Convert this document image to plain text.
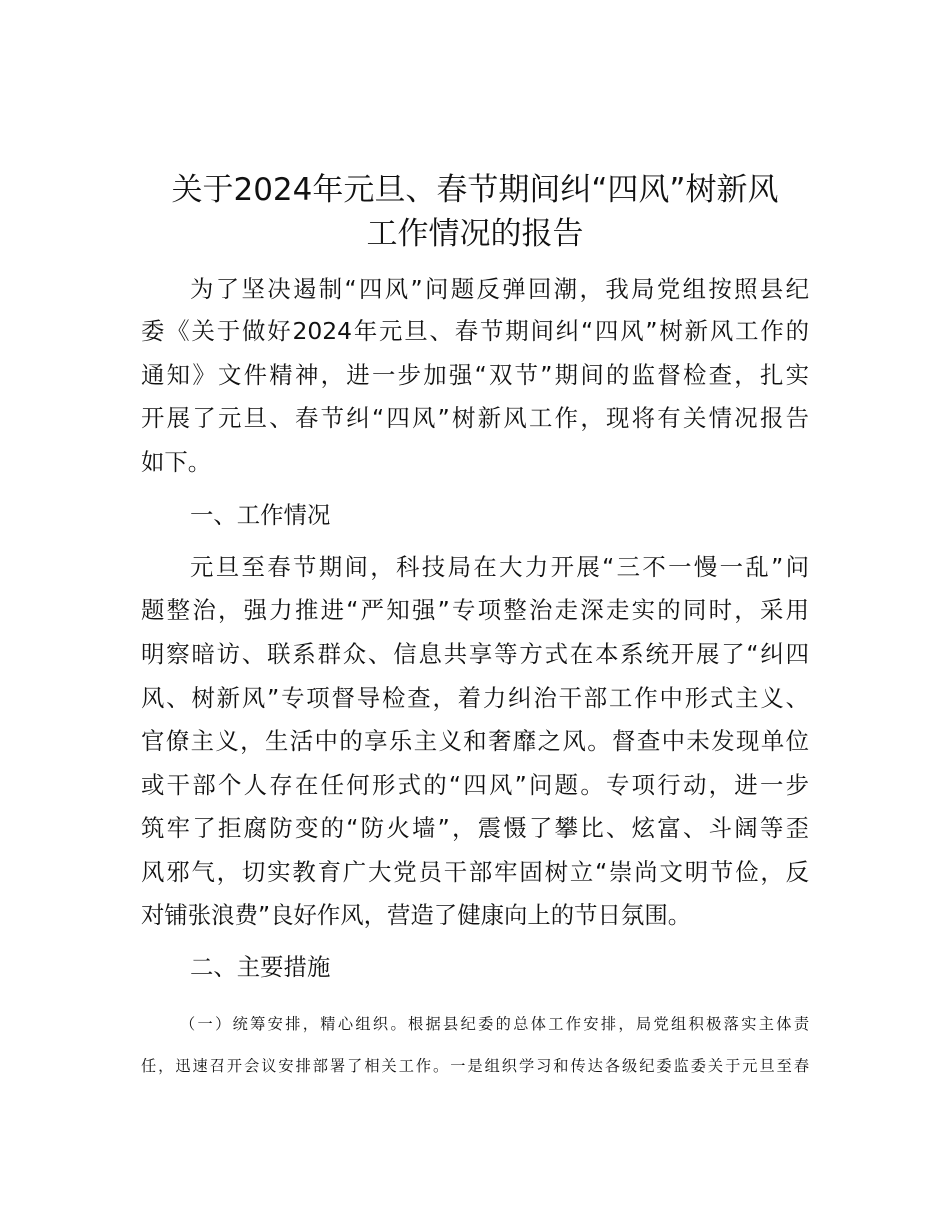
关于2024年元旦、春节期间纠“四风”树新风
工作情况的报告
为了坚决遏制“四风”问题反弹回潮，我局党组按照县纪
委《关于做好2024年元旦、春节期间纠“四风”树新风工作的
通知》文件精神，进一步加强“双节”期间的监督检查，扎实
开展了元旦、春节纠“四风”树新风工作，现将有关情况报告
如下。
一、工作情况
元旦至春节期间，科技局在大力开展“三不一慢一乱”问
题整治，强力推进“严知强”专项整治走深走实的同时，采用
明察暗访、联系群众、信息共享等方式在本系统开展了“纠四
风、树新风”专项督导检查，着力纠治干部工作中形式主义、
官僚主义，生活中的享乐主义和奢靡之风。督查中未发现单位
或干部个人存在任何形式的“四风”问题。专项行动，进一步
筑牢了拒腐防变的“防火墙”，震慑了攀比、炫富、斗阔等歪
风邪气，切实教育广大党员干部牢固树立“崇尚文明节俭，反
对铺张浪费”良好作风，营造了健康向上的节日氛围。
二、主要措施
（一）统筹安排，精心组织。根据县纪委的总体工作安排，局党组积极落实主体责
任，迅速召开会议安排部署了相关工作。一是组织学习和传达各级纪委监委关于元旦至春
